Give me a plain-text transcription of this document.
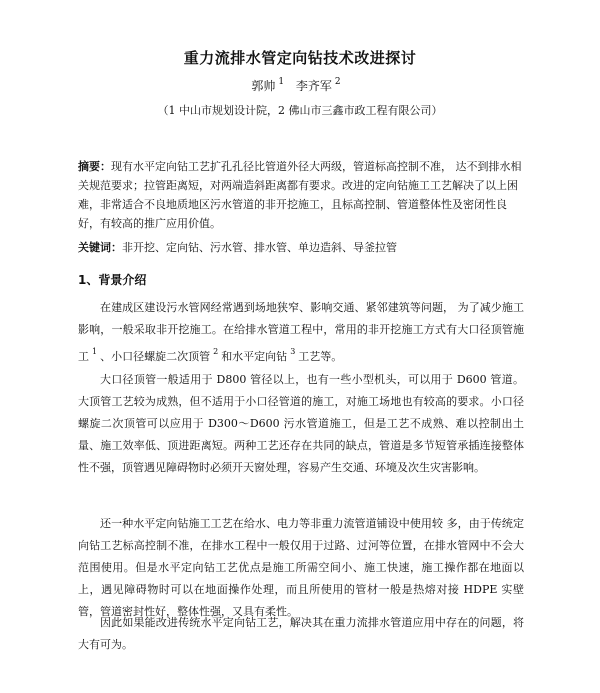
重力流排水管定向钻技术改进探讨
郭帅 $^1$ 李齐军 $^2$
（1 中山市规划设计院，2 佛山市三鑫市政工程有限公司）
摘要：现有水平定向钻工艺扩孔孔径比管道外径大两级，管道标高控制不准， 达不到排水相关规范要求；拉管距离短，对两端造斜距离都有要求。改进的定向钻施工工艺解决了以上困难，非常适合不良地质地区污水管道的非开挖施工，且标高控制、管道整体性及密闭性良好，有较高的推广应用价值。
关键词：非开挖、定向钻、污水管、排水管、单边造斜、导釜拉管
1、背景介绍
在建成区建设污水管网经常遇到场地狭窄、影响交通、紧邻建筑等问题， 为了减少施工影响，一般采取非开挖施工。在给排水管道工程中，常用的非开挖施工方式有大口径顶管施工 $^1$ 、小口径螺旋二次顶管 $^2$ 和水平定向钻 $^3$ 工艺等。
大口径顶管一般适用于 D800 管径以上，也有一些小型机头，可以用于 D600 管道。大顶管工艺较为成熟，但不适用于小口径管道的施工，对施工场地也有较高的要求。小口径螺旋二次顶管可以应用于 D300～D600 污水管道施工，但是工艺不成熟、难以控制出土量、施工效率低、顶进距离短。两种工艺还存在共同的缺点，管道是多节短管承插连接整体性不强，顶管遇见障碍物时必须开天窗处理，容易产生交通、环境及次生灾害影响。
还一种水平定向钻施工工艺在给水、电力等非重力流管道铺设中使用较 多，由于传统定向钻工艺标高控制不准，在排水工程中一般仅用于过路、过河等位置，在排水管网中不会大范围使用。但是水平定向钻工艺优点是施工所需空间小、施工快速，施工操作都在地面以上，遇见障碍物时可以在地面操作处理，而且所使用的管材一般是热熔对接 HDPE 实壁管，管道密封性好，整体性强，又具有柔性。
因此如果能改进传统水平定向钻工艺，解决其在重力流排水管道应用中存在的问题，将大有可为。
